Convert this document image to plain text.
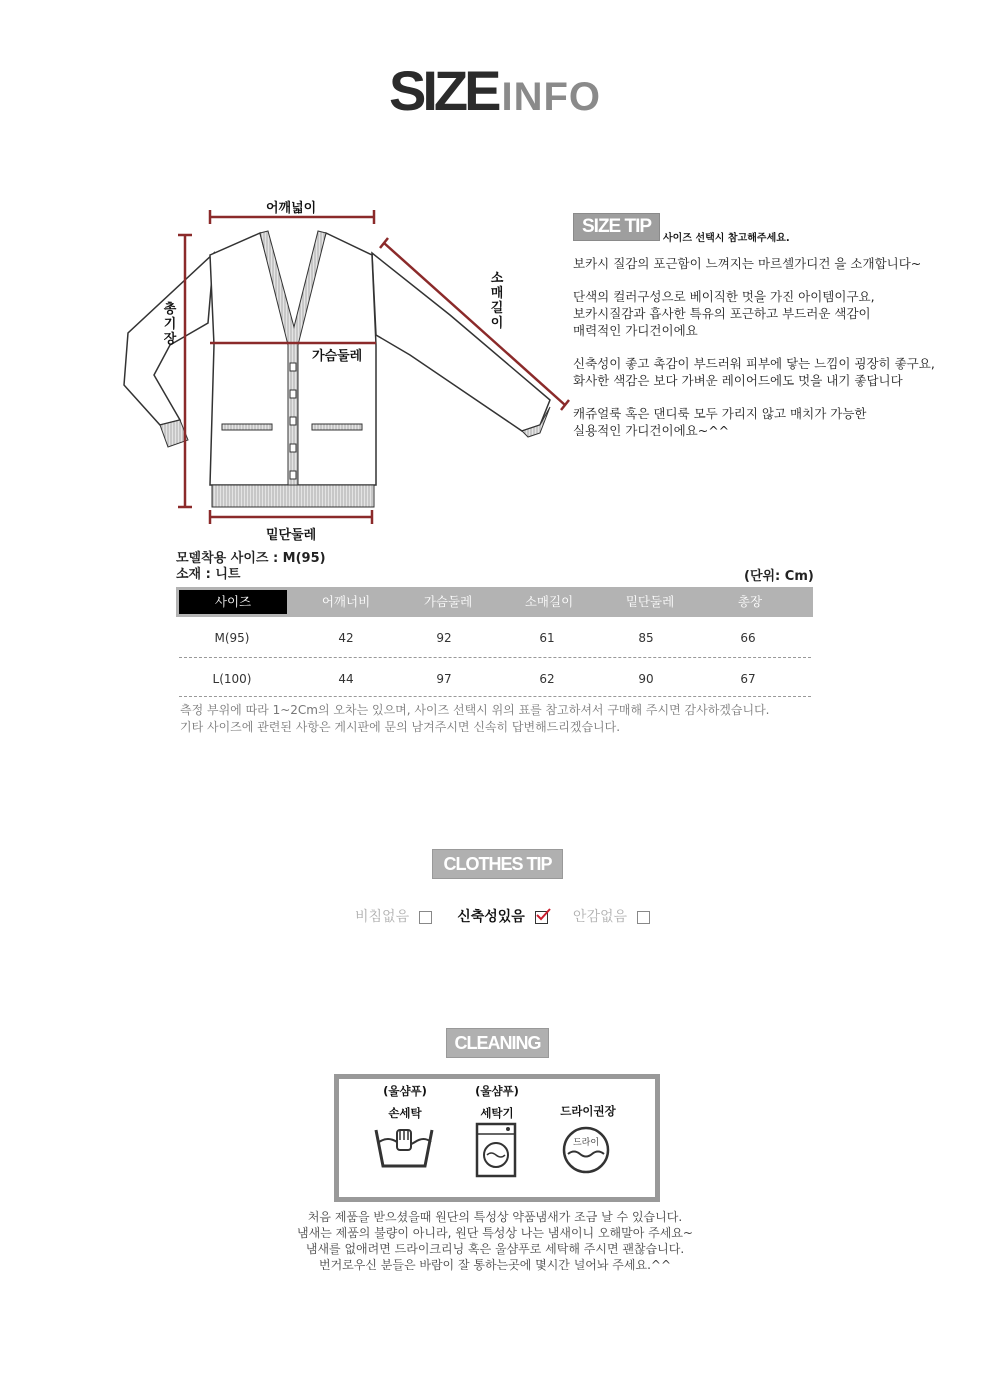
SIZE INFO
어깨넓이
총
기
장
소
매
길
이
가슴둘레
밑단둘레
SIZE TIP
사이즈 선택시 참고해주세요.

보카시 질감의 포근함이 느껴지는 마르셀가디건 을 소개합니다~

단색의 컬러구성으로 베이직한 멋을 가진 아이템이구요,
보카시질감과 흡사한 특유의 포근하고 부드러운 색감이
매력적인 가디건이에요

신축성이 좋고 촉감이 부드러워 피부에 닿는 느낌이 굉장히 좋구요,
화사한 색감은 보다 가벼운 레이어드에도 멋을 내기 좋답니다

캐쥬얼룩 혹은 댄디룩 모두 가리지 않고 매치가 가능한
실용적인 가디건이에요~^^

모델착용 사이즈 : M(95)
소재 : 니트	(단위: Cm)
사이즈	어깨너비	가슴둘레	소매길이	밑단둘레	총장
M(95)	42	92	61	85	66
L(100)	44	97	62	90	67
측정 부위에 따라 1~2Cm의 오차는 있으며, 사이즈 선택시 위의 표를 참고하셔서 구매해 주시면 감사하겠습니다.
기타 사이즈에 관련된 사항은 게시판에 문의 남겨주시면 신속히 답변해드리겠습니다.
CLOTHES TIP
비침없음	신축성있음	안감없음
CLEANING
(울샴푸)
손세탁
(울샴푸)
세탁기	드라이권장
드라이
처음 제품을 받으셨을때 원단의 특성상 약품냄새가 조금 날 수 있습니다.
냄새는 제품의 불량이 아니라, 원단 특성상 나는 냄새이니 오해말아 주세요~
냄새를 없애려면 드라이크리닝 혹은 울샴푸로 세탁해 주시면 괜찮습니다.
번거로우신 분들은 바람이 잘 통하는곳에 몇시간 널어놔 주세요.^^
